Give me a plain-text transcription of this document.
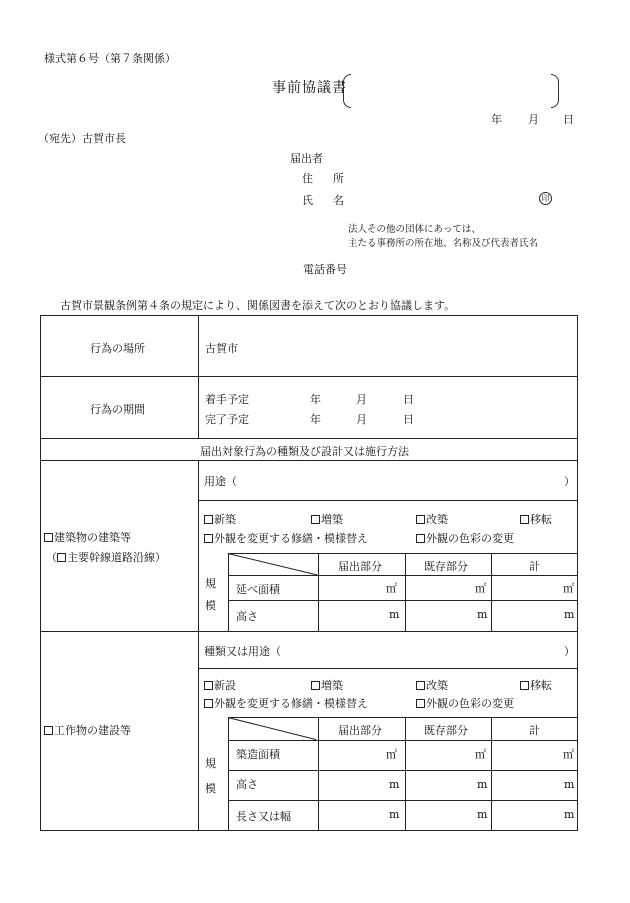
様式第６号（第７条関係）
事前協議書
年 月 日
（宛先）古賀市長
届出者
住所
氏名	印
法人その他の団体にあっては、
主たる事務所の所在地、名称及び代表者氏名
電話番号
古賀市景観条例第４条の規定により、関係図書を添えて次のとおり協議します。
行為の場所	古賀市
行為の期間
着手予定	年	月	日
完了予定	年	月	日
届出対象行為の種類及び設計又は施行方法
建築物の建築等
（ 主要幹線道路沿線）
用途（	）
新築	増築	改築	移転
外観を変更する修繕・模様替え	外観の色彩の変更
届出部分	既存部分	計
規
模
延べ面積	㎡	㎡	㎡
高さ	m	m	m
工作物の建設等
種類又は用途（	）
新設	増築	改築	移転
外観を変更する修繕・模様替え	外観の色彩の変更
届出部分	既存部分	計
規
模
築造面積	㎡	㎡	㎡
高さ	m	m	m
長さ又は幅	m	m	m
